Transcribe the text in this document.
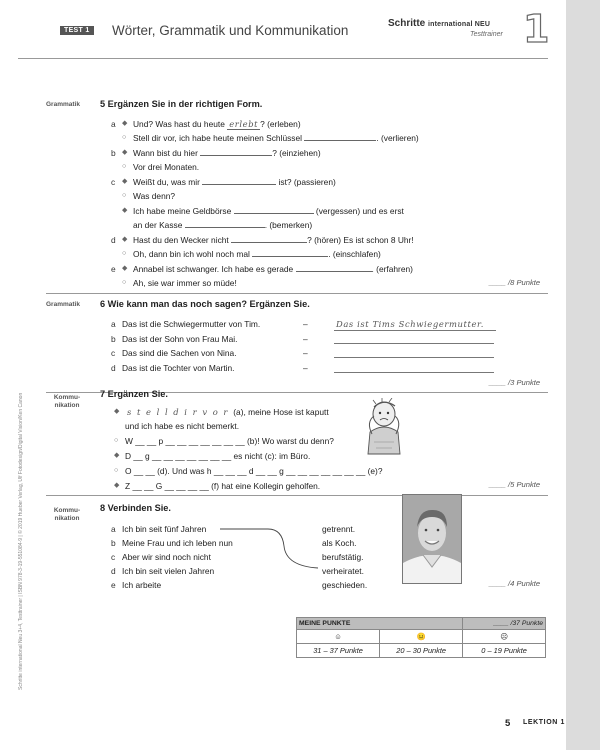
TEST 1 Wörter, Grammatik und Kommunikation	Schritte international NEU
Testtrainer 1
Schritte international Neu 3+4, Testtrainer | ISBN 978-3-19-551084-9 | © 2019 Hueber Verlag, Ulf Fotodesign/Digital Vision/Ken Canon
Grammatik	5 Ergänzen Sie in der richtigen Form.
a ◆ Und? Was hast du heute erlebt ? (erleben)
○ Stell dir vor, ich habe heute meinen Schlüssel	. (verlieren)
b ◆ Wann bist du hier	? (einziehen)
○ Vor drei Monaten.
c ◆ Weißt du, was mir	ist? (passieren)
○ Was denn?
◆ Ich habe meine Geldbörse	(vergessen) und es erst
an der Kasse	. (bemerken)
d ◆ Hast du den Wecker nicht	? (hören) Es ist schon 8 Uhr!
○ Oh, dann bin ich wohl noch mal	. (einschlafen)
e ◆ Annabel ist schwanger. Ich habe es gerade	. (erfahren)
○ Ah, sie war immer so müde!	____ /8 Punkte
Grammatik	6 Wie kann man das noch sagen? Ergänzen Sie.
a Das ist die Schwiegermutter von Tim.	–	Das ist Tims Schwiegermutter.
b Das ist der Sohn von Frau Mai.	–
c Das sind die Sachen von Nina.	–
d Das ist die Tochter von Martin.	–
____ /3 Punkte
Kommu-
nikation
7 Ergänzen Sie.
◆ s t e l l d i r v o r (a), meine Hose ist kaputt
und ich habe es nicht bemerkt.
○ W __ __ p __ __ __ __ __ __ __ (b)! Wo warst du denn?
◆ D __ g __ __ __ __ __ __ __ es nicht (c): im Büro.
○ O __ __ (d). Und was h __ __ __ d __ __ g __ __ __ __ __ __ __ (e)?
◆ Z __ __ G __ __ __ __ (f) hat eine Kollegin geholfen.	____ /5 Punkte
Kommu-
nikation
8 Verbinden Sie.
a Ich bin seit fünf Jahren
b Meine Frau und ich leben nun
c Aber wir sind noch nicht
d Ich bin seit vielen Jahren
e Ich arbeite
getrennt.
als Koch.
berufstätig.
verheiratet.
geschieden.	____ /4 Punkte
MEINE PUNKTE		____ /37 Punkte
☺	😐	☹
31 – 37 Punkte	20 – 30 Punkte	0 – 19 Punkte
5 LEKTION 1
